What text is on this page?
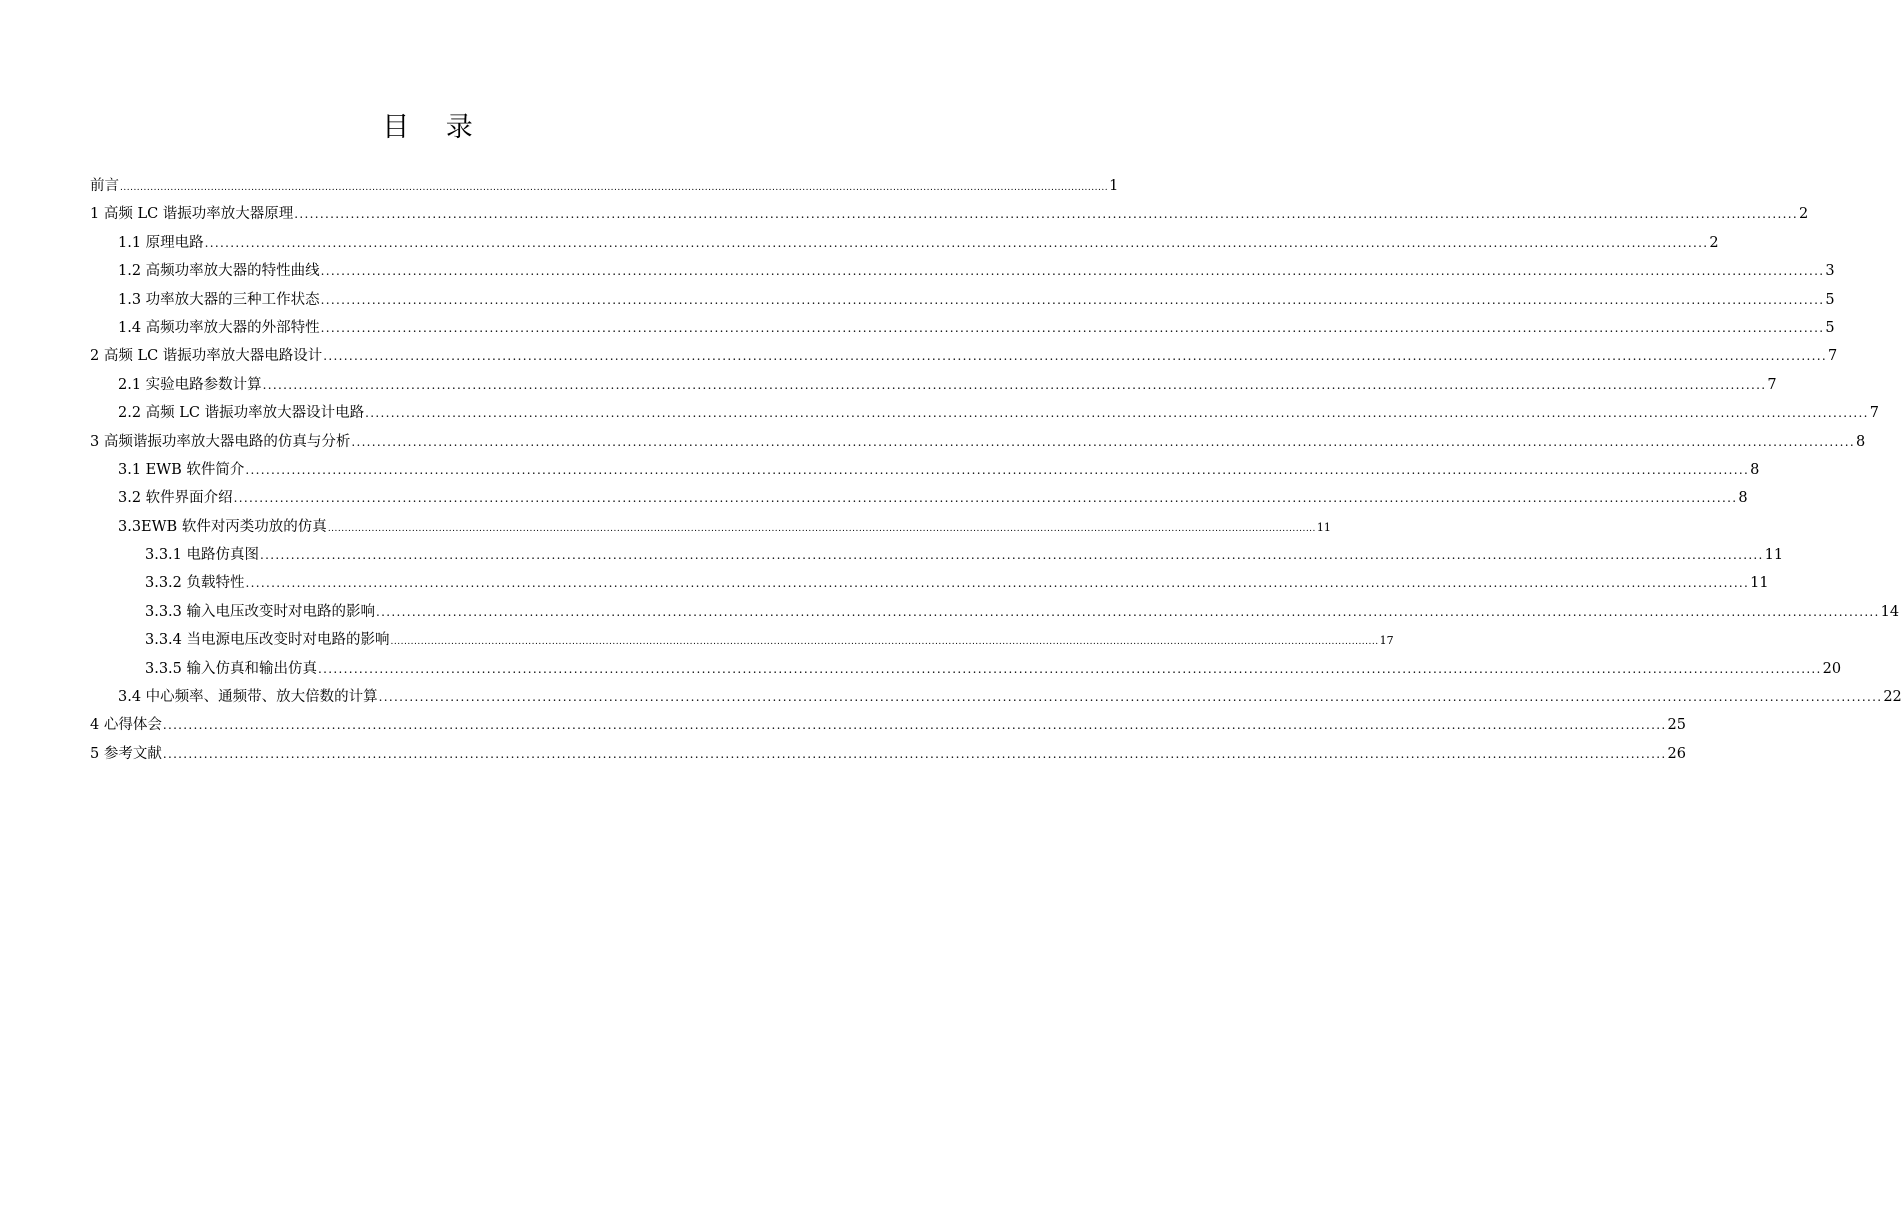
目 录
前言 ...................................................................................................................................................................................................................................................................................................... 1
1 高频 LC 谐振功率放大器原理 ...................................................................................................................................................................................................................................................................................................... 2
1.1 原理电路 ...................................................................................................................................................................................................................................................................................................... 2
1.2 高频功率放大器的特性曲线 ...................................................................................................................................................................................................................................................................................................... 3
1.3 功率放大器的三种工作状态 ...................................................................................................................................................................................................................................................................................................... 5
1.4 高频功率放大器的外部特性 ...................................................................................................................................................................................................................................................................................................... 5
2 高频 LC 谐振功率放大器电路设计 ...................................................................................................................................................................................................................................................................................................... 7
2.1 实验电路参数计算 ...................................................................................................................................................................................................................................................................................................... 7
2.2 高频 LC 谐振功率放大器设计电路 ...................................................................................................................................................................................................................................................................................................... 7
3 高频谐振功率放大器电路的仿真与分析 ...................................................................................................................................................................................................................................................................................................... 8
3.1 EWB 软件简介 ...................................................................................................................................................................................................................................................................................................... 8
3.2 软件界面介绍 ...................................................................................................................................................................................................................................................................................................... 8
3.3EWB 软件对丙类功放的仿真 ...................................................................................................................................................................................................................................................................................................... 11
3.3.1 电路仿真图 ...................................................................................................................................................................................................................................................................................................... 11
3.3.2 负载特性 ...................................................................................................................................................................................................................................................................................................... 11
3.3.3 输入电压改变时对电路的影响 ...................................................................................................................................................................................................................................................................................................... 14
3.3.4 当电源电压改变时对电路的影响 ...................................................................................................................................................................................................................................................................................................... 17
3.3.5 输入仿真和输出仿真 ...................................................................................................................................................................................................................................................................................................... 20
3.4 中心频率、通频带、放大倍数的计算 ...................................................................................................................................................................................................................................................................................................... 22
4 心得体会 ...................................................................................................................................................................................................................................................................................................... 25
5 参考文献 ...................................................................................................................................................................................................................................................................................................... 26
